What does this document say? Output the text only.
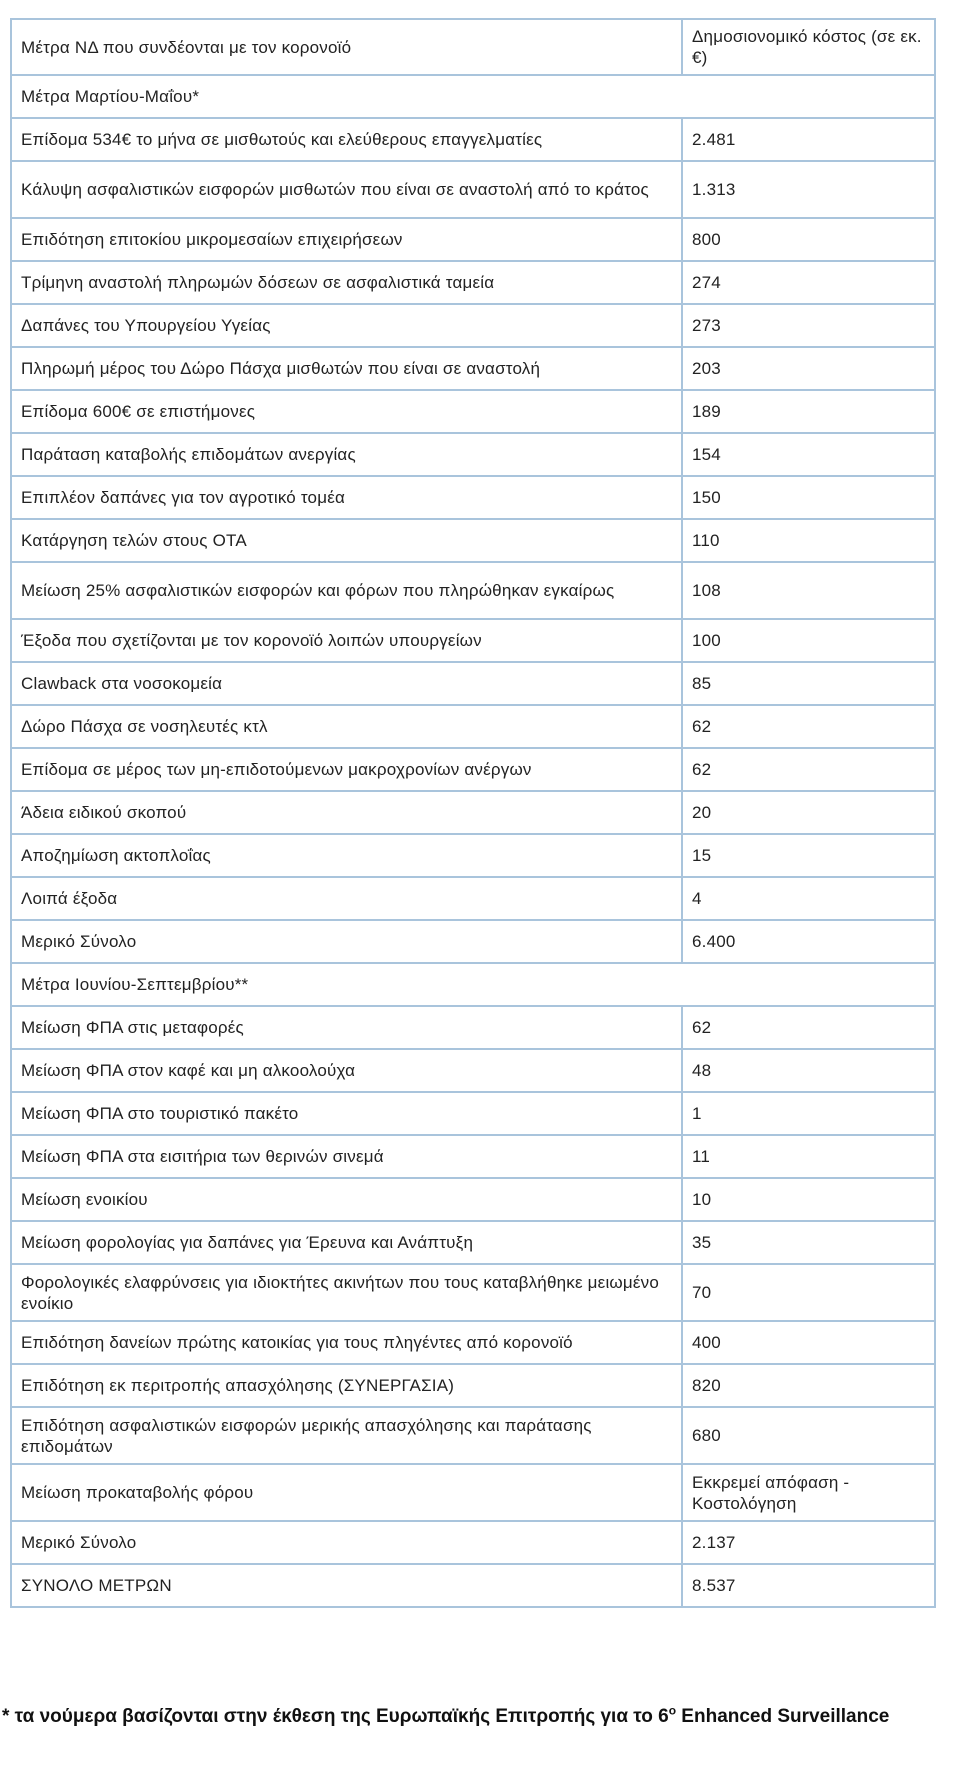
Μέτρα ΝΔ που συνδέονται με τον κορονοϊό	Δημοσιονομικό κόστος (σε εκ.€)
Μέτρα Μαρτίου-Μαΐου*	
Επίδομα 534€ το μήνα σε μισθωτούς και ελεύθερους επαγγελματίες	2.481
Κάλυψη ασφαλιστικών εισφορών μισθωτών που είναι σε αναστολή από το κράτος	1.313
Επιδότηση επιτοκίου μικρομεσαίων επιχειρήσεων	800
Τρίμηνη αναστολή πληρωμών δόσεων σε ασφαλιστικά ταμεία	274
Δαπάνες του Υπουργείου Υγείας	273
Πληρωμή μέρος του Δώρο Πάσχα μισθωτών που είναι σε αναστολή	203
Επίδομα 600€ σε επιστήμονες	189
Παράταση καταβολής επιδομάτων ανεργίας	154
Επιπλέον δαπάνες για τον αγροτικό τομέα	150
Κατάργηση τελών στους ΟΤΑ	110
Μείωση 25% ασφαλιστικών εισφορών και φόρων που πληρώθηκαν εγκαίρως	108
Έξοδα που σχετίζονται με τον κορονοϊό λοιπών υπουργείων	100
Clawback στα νοσοκομεία	85
Δώρο Πάσχα σε νοσηλευτές κτλ	62
Επίδομα σε μέρος των μη-επιδοτούμενων μακροχρονίων ανέργων	62
Άδεια ειδικού σκοπού	20
Αποζημίωση ακτοπλοΐας	15
Λοιπά έξοδα	4
Μερικό Σύνολο	6.400
Μέτρα Ιουνίου-Σεπτεμβρίου**	
Μείωση ΦΠΑ στις μεταφορές	62
Μείωση ΦΠΑ στον καφέ και μη αλκοολούχα	48
Μείωση ΦΠΑ στο τουριστικό πακέτο	1
Μείωση ΦΠΑ στα εισιτήρια των θερινών σινεμά	11
Μείωση ενοικίου	10
Μείωση φορολογίας για δαπάνες για Έρευνα και Ανάπτυξη	35
Φορολογικές ελαφρύνσεις για ιδιοκτήτες ακινήτων που τους καταβλήθηκε μειωμένο ενοίκιο	70
Επιδότηση δανείων πρώτης κατοικίας για τους πληγέντες από κορονοϊό	400
Επιδότηση εκ περιτροπής απασχόλησης (ΣΥΝΕΡΓΑΣΙΑ)	820
Επιδότηση ασφαλιστικών εισφορών μερικής απασχόλησης και παράτασης επιδομάτων	680
Μείωση προκαταβολής φόρου	Εκκρεμεί απόφαση - Κοστολόγηση
Μερικό Σύνολο	2.137
ΣΥΝΟΛΟ ΜΕΤΡΩΝ	8.537
* τα νούμερα βασίζονται στην έκθεση της Ευρωπαϊκής Επιτροπής για το $6^o$ Enhanced Surveillance
